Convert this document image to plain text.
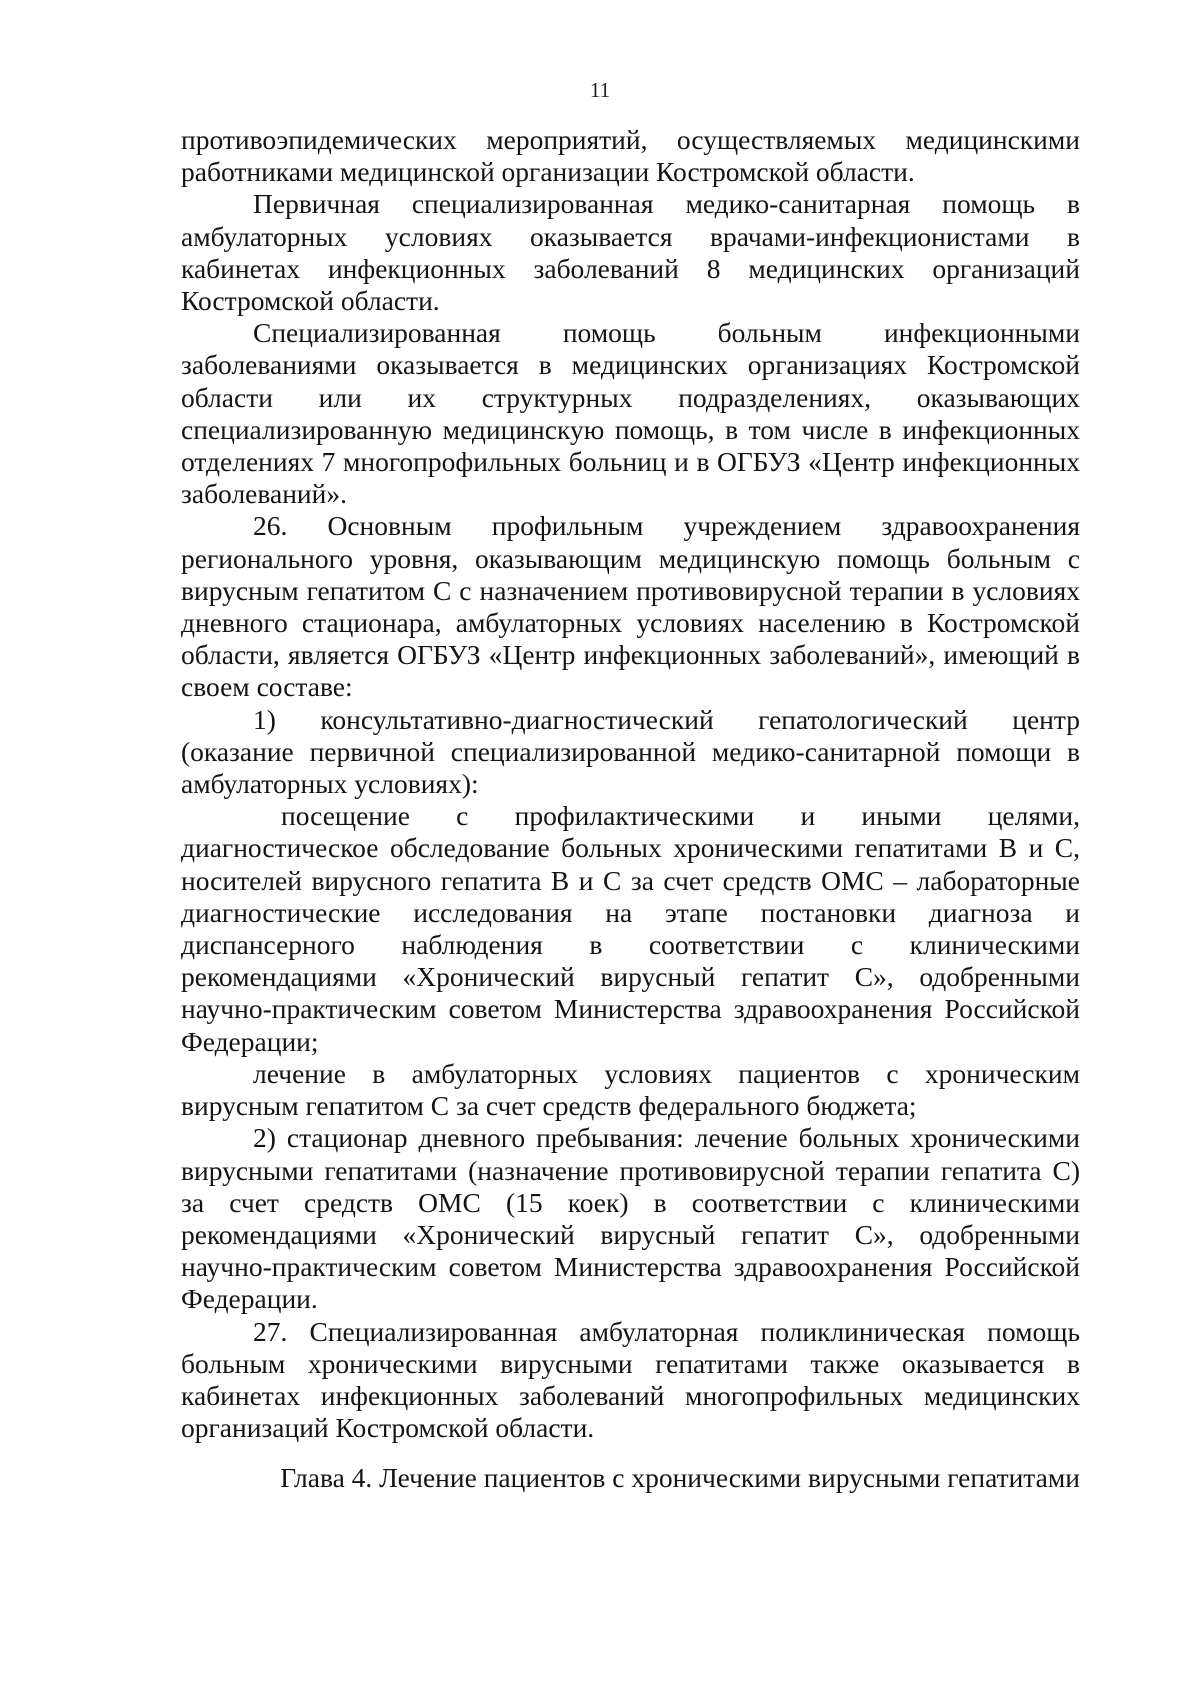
11

противоэпидемических мероприятий, осуществляемых медицинскими работниками медицинской организации Костромской области.

Первичная специализированная медико-санитарная помощь в амбулаторных условиях оказывается врачами-инфекционистами в кабинетах инфекционных заболеваний 8 медицинских организаций Костромской области.

Специализированная помощь больным инфекционными заболеваниями оказывается в медицинских организациях Костромской области или их структурных подразделениях, оказывающих специализированную медицинскую помощь, в том числе в инфекционных отделениях 7 многопрофильных больниц и в ОГБУЗ «Центр инфекционных заболеваний».

26. Основным профильным учреждением здравоохранения регионального уровня, оказывающим медицинскую помощь больным с вирусным гепатитом С с назначением противовирусной терапии в условиях дневного стационара, амбулаторных условиях населению в Костромской области, является ОГБУЗ «Центр инфекционных заболеваний», имеющий в своем составе:

1) консультативно-диагностический гепатологический центр (оказание первичной специализированной медико-санитарной помощи в амбулаторных условиях):

посещение с профилактическими и иными целями, диагностическое обследование больных хроническими гепатитами В и С, носителей вирусного гепатита В и С за счет средств ОМС – лабораторные диагностические исследования на этапе постановки диагноза и диспансерного наблюдения в соответствии с клиническими рекомендациями «Хронический вирусный гепатит С», одобренными научно-практическим советом Министерства здравоохранения Российской Федерации;

лечение в амбулаторных условиях пациентов с хроническим вирусным гепатитом С за счет средств федерального бюджета;

2) стационар дневного пребывания: лечение больных хроническими вирусными гепатитами (назначение противовирусной терапии гепатита С) за счет средств ОМС (15 коек) в соответствии с клиническими рекомендациями «Хронический вирусный гепатит С», одобренными научно-практическим советом Министерства здравоохранения Российской Федерации.

27. Специализированная амбулаторная поликлиническая помощь больным хроническими вирусными гепатитами также оказывается в кабинетах инфекционных заболеваний многопрофильных медицинских организаций Костромской области.

Глава 4. Лечение пациентов с хроническими вирусными гепатитами
